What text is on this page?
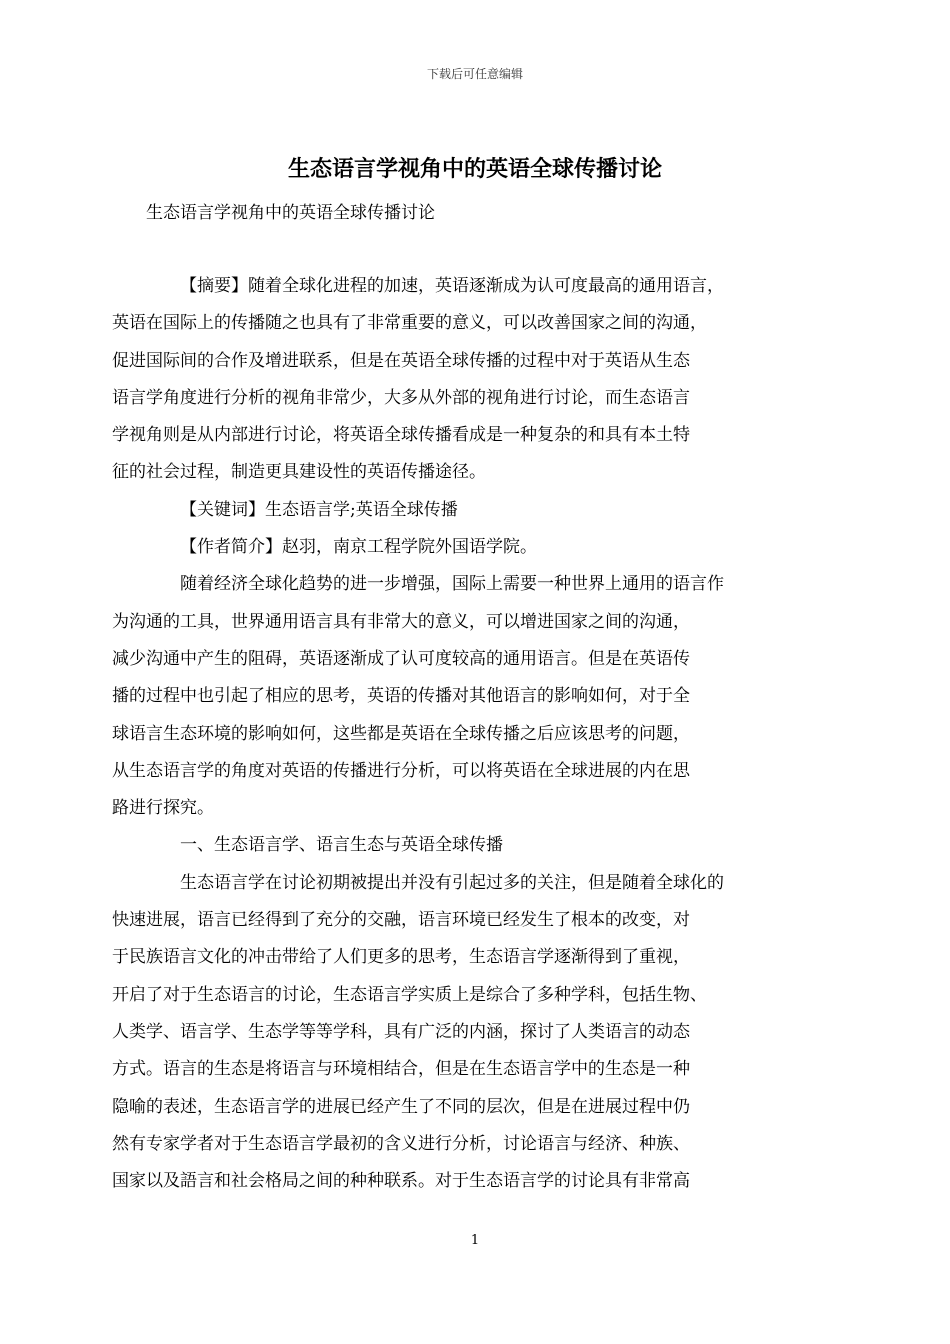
下载后可任意编辑
生态语言学视角中的英语全球传播讨论
生态语言学视角中的英语全球传播讨论

【摘要】随着全球化进程的加速，英语逐渐成为认可度最高的通用语言，
英语在国际上的传播随之也具有了非常重要的意义，可以改善国家之间的沟通，
促进国际间的合作及增进联系，但是在英语全球传播的过程中对于英语从生态
语言学角度进行分析的视角非常少，大多从外部的视角进行讨论，而生态语言
学视角则是从内部进行讨论，将英语全球传播看成是一种复杂的和具有本土特
征的社会过程，制造更具建设性的英语传播途径。

【关键词】生态语言学;英语全球传播

【作者简介】赵羽，南京工程学院外国语学院。

随着经济全球化趋势的进一步增强，国际上需要一种世界上通用的语言作
为沟通的工具，世界通用语言具有非常大的意义，可以增进国家之间的沟通，
减少沟通中产生的阻碍，英语逐渐成了认可度较高的通用语言。但是在英语传
播的过程中也引起了相应的思考，英语的传播对其他语言的影响如何，对于全
球语言生态环境的影响如何，这些都是英语在全球传播之后应该思考的问题，
从生态语言学的角度对英语的传播进行分析，可以将英语在全球进展的内在思
路进行探究。

一、生态语言学、语言生态与英语全球传播

生态语言学在讨论初期被提出并没有引起过多的关注，但是随着全球化的
快速进展，语言已经得到了充分的交融，语言环境已经发生了根本的改变，对
于民族语言文化的冲击带给了人们更多的思考，生态语言学逐渐得到了重视，
开启了对于生态语言的讨论，生态语言学实质上是综合了多种学科，包括生物、
人类学、语言学、生态学等等学科，具有广泛的内涵，探讨了人类语言的动态
方式。语言的生态是将语言与环境相结合，但是在生态语言学中的生态是一种
隐喻的表述，生态语言学的进展已经产生了不同的层次，但是在进展过程中仍
然有专家学者对于生态语言学最初的含义进行分析，讨论语言与经济、种族、
国家以及語言和社会格局之间的种种联系。对于生态语言学的讨论具有非常高

1
